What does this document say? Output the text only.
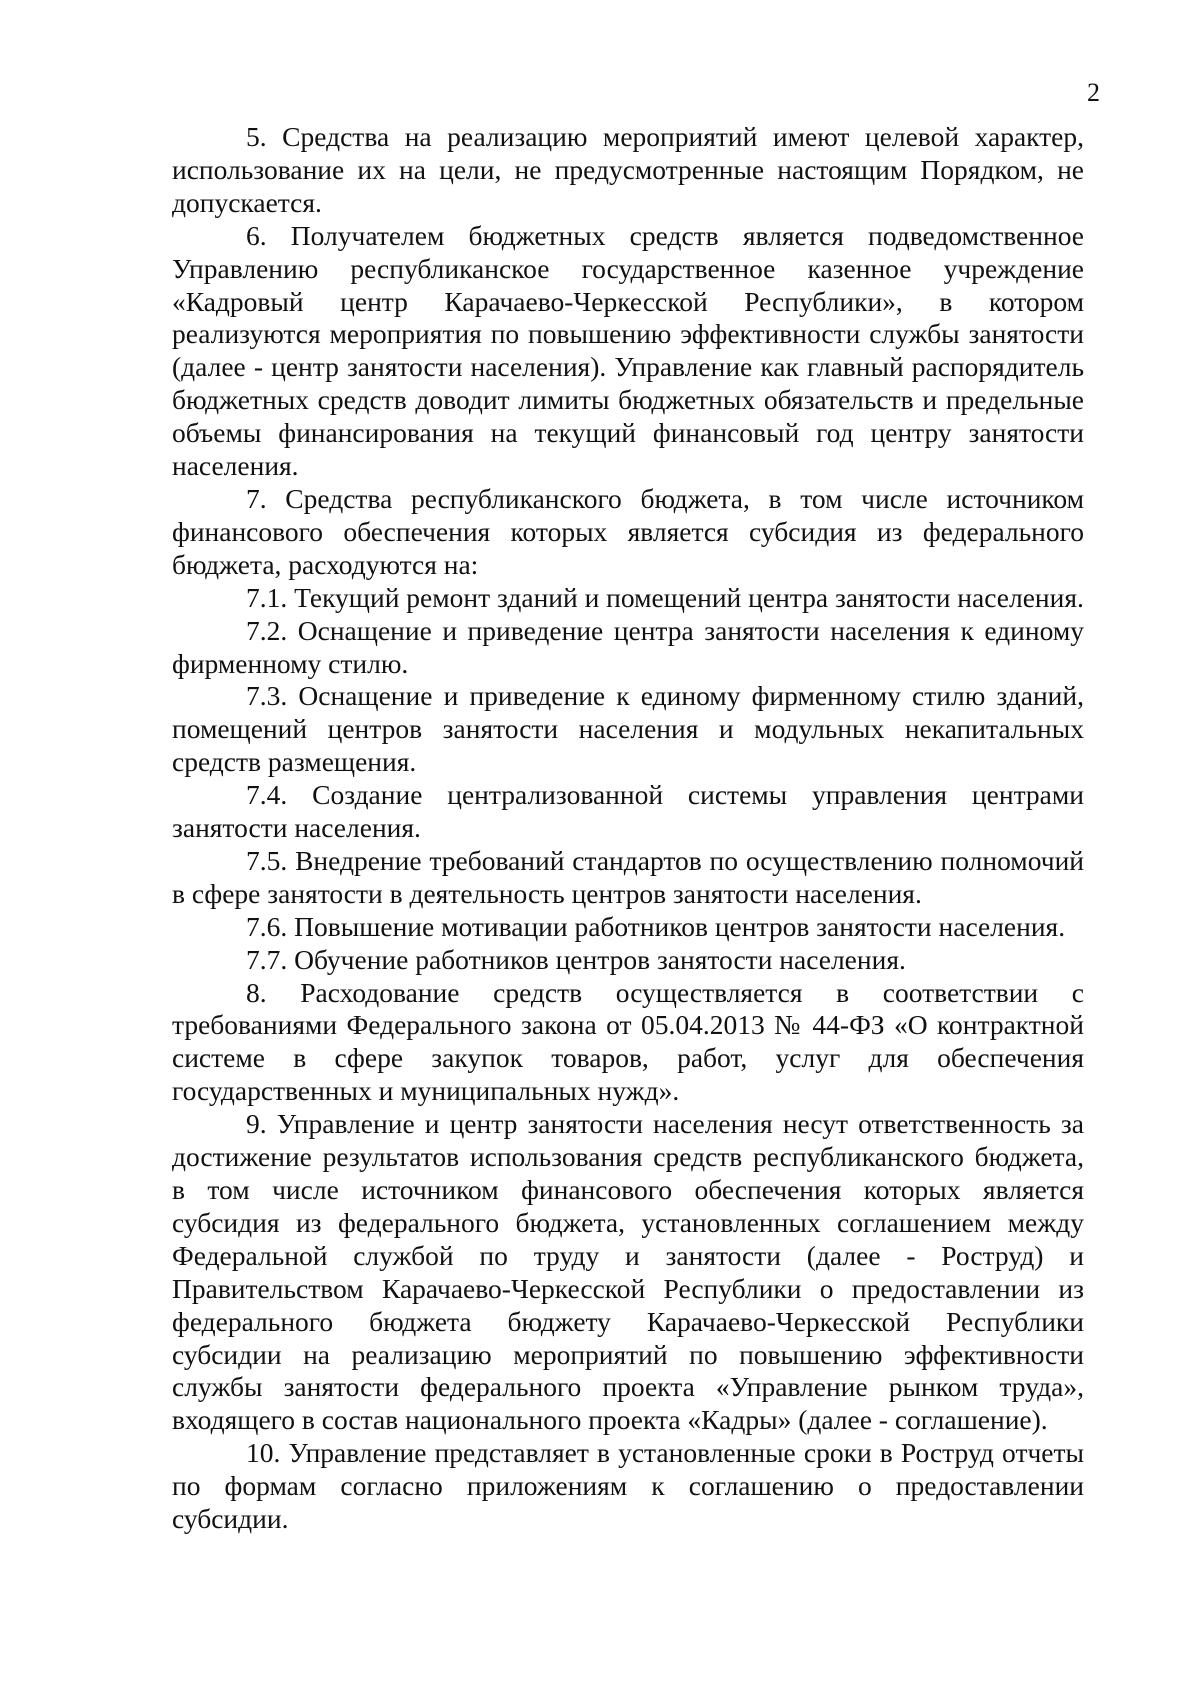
2

5. Средства на реализацию мероприятий имеют целевой характер, использование их на цели, не предусмотренные настоящим Порядком, не допускается.

6. Получателем бюджетных средств является подведомственное Управлению республиканское государственное казенное учреждение «Кадровый центр Карачаево-Черкесской Республики», в котором реализуются мероприятия по повышению эффективности службы занятости (далее - центр занятости населения). Управление как главный распорядитель бюджетных средств доводит лимиты бюджетных обязательств и предельные объемы финансирования на текущий финансовый год центру занятости населения.

7. Средства республиканского бюджета, в том числе источником финансового обеспечения которых является субсидия из федерального бюджета, расходуются на:

7.1. Текущий ремонт зданий и помещений центра занятости населения.

7.2. Оснащение и приведение центра занятости населения к единому фирменному стилю.

7.3. Оснащение и приведение к единому фирменному стилю зданий, помещений центров занятости населения и модульных некапитальных средств размещения.

7.4. Создание централизованной системы управления центрами занятости населения.

7.5. Внедрение требований стандартов по осуществлению полномочий в сфере занятости в деятельность центров занятости населения.

7.6. Повышение мотивации работников центров занятости населения.

7.7. Обучение работников центров занятости населения.

8. Расходование средств осуществляется в соответствии с требованиями Федерального закона от 05.04.2013 № 44-ФЗ «О контрактной системе в сфере закупок товаров, работ, услуг для обеспечения государственных и муниципальных нужд».

9. Управление и центр занятости населения несут ответственность за достижение результатов использования средств республиканского бюджета, в том числе источником финансового обеспечения которых является субсидия из федерального бюджета, установленных соглашением между Федеральной службой по труду и занятости (далее - Роструд) и Правительством Карачаево-Черкесской Республики о предоставлении из федерального бюджета бюджету Карачаево-Черкесской Республики субсидии на реализацию мероприятий по повышению эффективности службы занятости федерального проекта «Управление рынком труда», входящего в состав национального проекта «Кадры» (далее - соглашение).

10. Управление представляет в установленные сроки в Роструд отчеты по формам согласно приложениям к соглашению о предоставлении субсидии.
